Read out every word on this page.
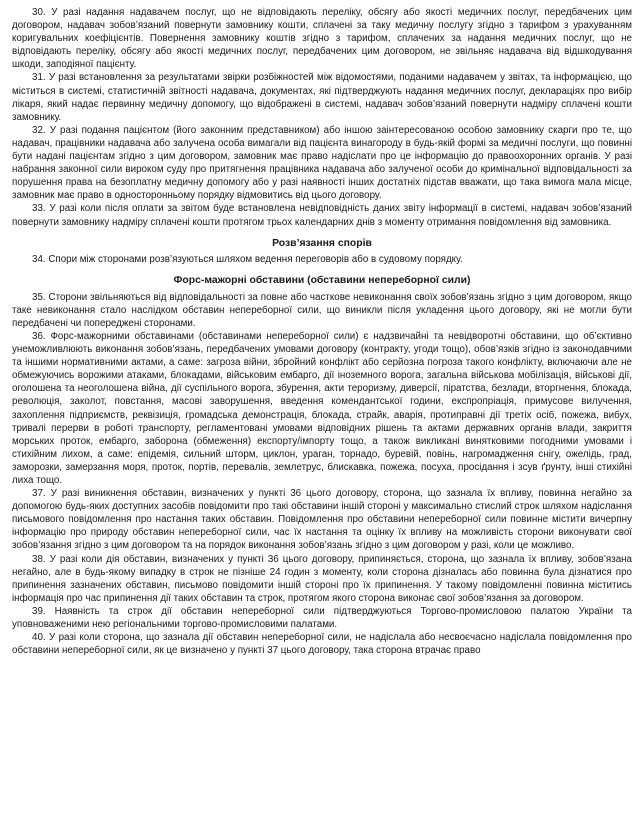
30. У разі надання надавачем послуг, що не відповідають переліку, обсягу або якості медичних послуг, передбачених цим договором, надавач зобов’язаний повернути замовнику кошти, сплачені за таку медичну послугу згідно з тарифом з урахуванням коригувальних коефіцієнтів. Повернення замовнику коштів згідно з тарифом, сплачених за надання медичних послуг, що не відповідають переліку, обсягу або якості медичних послуг, передбачених цим договором, не звільняє надавача від відшкодування шкоди, заподіяної пацієнту.

31. У разі встановлення за результатами звірки розбіжностей між відомостями, поданими надавачем у звітах, та інформацією, що міститься в системі, статистичній звітності надавача, документах, які підтверджують надання медичних послуг, деклараціях про вибір лікаря, який надає первинну медичну допомогу, що відображені в системі, надавач зобов’язаний повернути надміру сплачені кошти замовнику.

32. У разі подання пацієнтом (його законним представником) або іншою заінтересованою особою замовнику скарги про те, що надавач, працівники надавача або залучена особа вимагали від пацієнта винагороду в будь-якій формі за медичні послуги, що повинні бути надані пацієнтам згідно з цим договором, замовник має право надіслати про це інформацію до правоохоронних органів. У разі набрання законної сили вироком суду про притягнення працівника надавача або залученої особи до кримінальної відповідальності за порушення права на безоплатну медичну допомогу або у разі наявності інших достатніх підстав вважати, що така вимога мала місце, замовник має право в односторонньому порядку відмовитись від цього договору.

33. У разі коли після оплати за звітом буде встановлена невідповідність даних звіту інформації в системі, надавач зобов’язаний повернути замовнику надміру сплачені кошти протягом трьох календарних днів з моменту отримання повідомлення від замовника.

Розв’язання спорів

34. Спори між сторонами розв’язуються шляхом ведення переговорів або в судовому порядку.

Форс-мажорні обставини (обставини непереборної сили)

35. Сторони звільняються від відповідальності за повне або часткове невиконання своїх зобов’язань згідно з цим договором, якщо таке невиконання стало наслідком обставин непереборної сили, що виникли після укладення цього договору, які не могли бути передбачені чи попереджені сторонами.

36. Форс-мажорними обставинами (обставинами непереборної сили) є надзвичайні та невідворотні обставини, що об’єктивно унеможливлюють виконання зобов’язань, передбачених умовами договору (контракту, угоди тощо), обов’язків згідно із законодавчими та іншими нормативними актами, а саме: загроза війни, збройний конфлікт або серйозна погроза такого конфлікту, включаючи але не обмежуючись ворожими атаками, блокадами, військовим ембарго, дії іноземного ворога, загальна військова мобілізація, військові дії, оголошена та неоголошена війна, дії суспільного ворога, збурення, акти тероризму, диверсії, піратства, безлади, вторгнення, блокада, революція, заколот, повстання, масові заворушення, введення комендантської години, експропріація, примусове вилучення, захоплення підприємств, реквізиція, громадська демонстрація, блокада, страйк, аварія, протиправні дії третіх осіб, пожежа, вибух, тривалі перерви в роботі транспорту, регламентовані умовами відповідних рішень та актами державних органів влади, закриття морських проток, ембарго, заборона (обмеження) експорту/імпорту тощо, а також викликані винятковими погодними умовами і стихійним лихом, а саме: епідемія, сильний шторм, циклон, ураган, торнадо, буревій, повінь, нагромадження снігу, ожелідь, град, заморозки, замерзання моря, проток, портів, перевалів, землетрус, блискавка, пожежа, посуха, просідання і зсув ґрунту, інші стихійні лиха тощо.

37. У разі виникнення обставин, визначених у пункті 36 цього договору, сторона, що зазнала їх впливу, повинна негайно за допомогою будь-яких доступних засобів повідомити про такі обставини іншій стороні у максимально стислий строк шляхом надіслання письмового повідомлення про настання таких обставин. Повідомлення про обставини непереборної сили повинне містити вичерпну інформацію про природу обставин непереборної сили, час їх настання та оцінку їх впливу на можливість сторони виконувати свої зобов’язання згідно з цим договором та на порядок виконання зобов’язань згідно з цим договором у разі, коли це можливо.

38. У разі коли дія обставин, визначених у пункті 36 цього договору, припиняється, сторона, що зазнала їх впливу, зобов’язана негайно, але в будь-якому випадку в строк не пізніше 24 годин з моменту, коли сторона дізналась або повинна була дізнатися про припинення зазначених обставин, письмово повідомити іншій стороні про їх припинення. У такому повідомленні повинна міститись інформація про час припинення дії таких обставин та строк, протягом якого сторона виконає свої зобов’язання за договором.

39. Наявність та строк дії обставин непереборної сили підтверджуються Торгово-промисловою палатою України та уповноваженими нею регіональними торгово-промисловими палатами.

40. У разі коли сторона, що зазнала дії обставин непереборної сили, не надіслала або несвоєчасно надіслала повідомлення про обставини непереборної сили, як це визначено у пункті 37 цього договору, така сторона втрачає право
